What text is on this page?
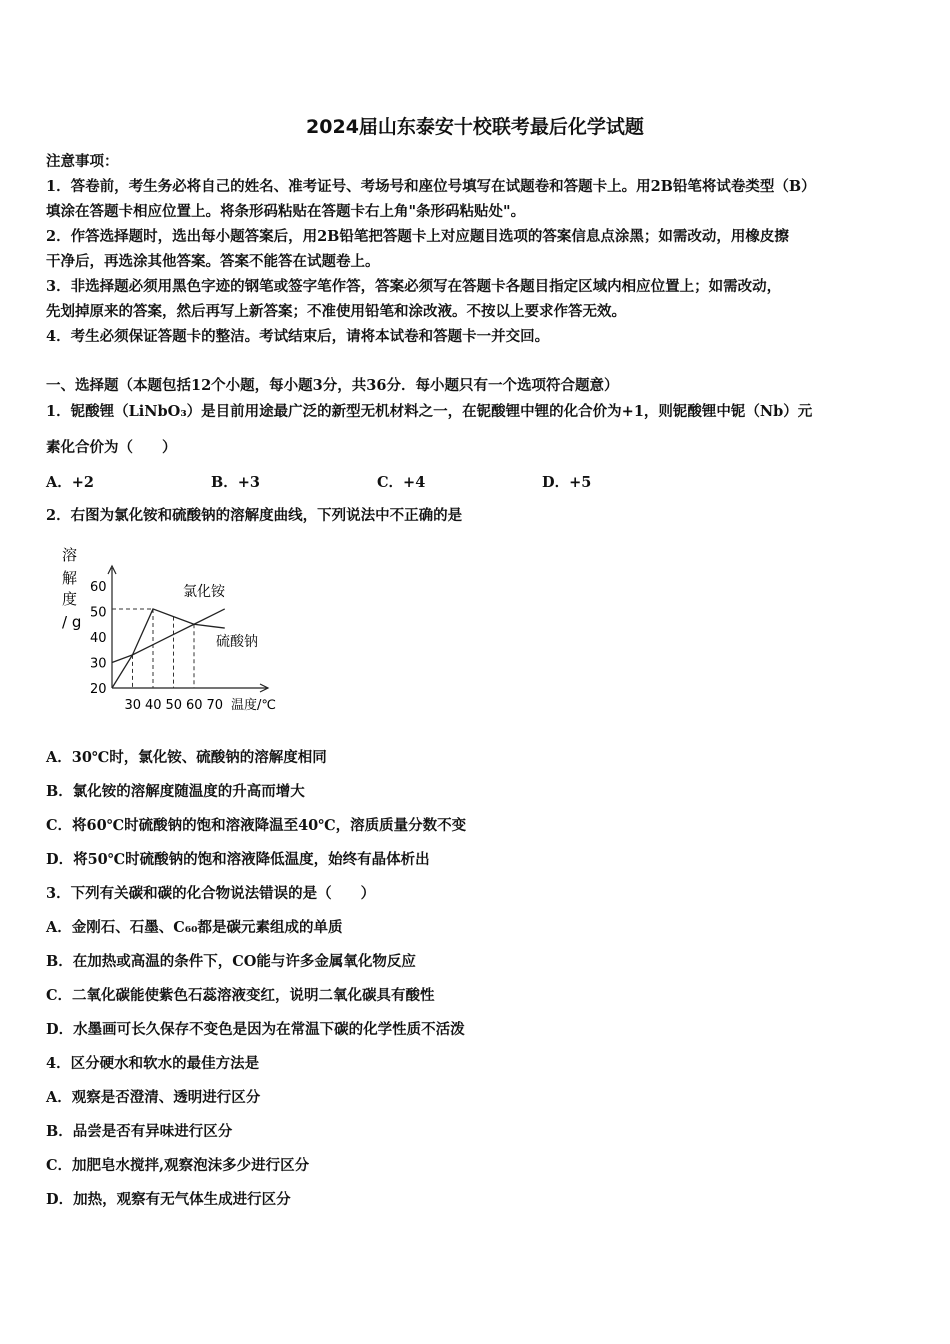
2024届山东泰安十校联考最后化学试题
注意事项：
1．答卷前，考生务必将自己的姓名、准考证号、考场号和座位号填写在试题卷和答题卡上。用2B铅笔将试卷类型（B）
填涂在答题卡相应位置上。将条形码粘贴在答题卡右上角"条形码粘贴处"。
2．作答选择题时，选出每小题答案后，用2B铅笔把答题卡上对应题目选项的答案信息点涂黑；如需改动，用橡皮擦
干净后，再选涂其他答案。答案不能答在试题卷上。
3．非选择题必须用黑色字迹的钢笔或签字笔作答，答案必须写在答题卡各题目指定区域内相应位置上；如需改动，
先划掉原来的答案，然后再写上新答案；不准使用铅笔和涂改液。不按以上要求作答无效。
4．考生必须保证答题卡的整洁。考试结束后，请将本试卷和答题卡一并交回。
一、选择题（本题包括12个小题，每小题3分，共36分．每小题只有一个选项符合题意）
1．铌酸锂（LiNbO₃）是目前用途最广泛的新型无机材料之一，在铌酸锂中锂的化合价为+1，则铌酸锂中铌（Nb）元
素化合价为（　　）
A．+2	B．+3	C．+4	D．+5
2．右图为氯化铵和硫酸钠的溶解度曲线，下列说法中不正确的是
溶
解
度
/ g
20
30
40
50
60
30 40 50 60 70
氯化铵
硫酸钠
温度/℃
A．30℃时，氯化铵、硫酸钠的溶解度相同
B．氯化铵的溶解度随温度的升高而增大
C．将60℃时硫酸钠的饱和溶液降温至40℃，溶质质量分数不变
D．将50℃时硫酸钠的饱和溶液降低温度，始终有晶体析出
3．下列有关碳和碳的化合物说法错误的是（　　）
A．金刚石、石墨、C₆₀都是碳元素组成的单质
B．在加热或高温的条件下，CO能与许多金属氧化物反应
C．二氧化碳能使紫色石蕊溶液变红，说明二氧化碳具有酸性
D．水墨画可长久保存不变色是因为在常温下碳的化学性质不活泼
4．区分硬水和软水的最佳方法是
A．观察是否澄清、透明进行区分
B．品尝是否有异味进行区分
C．加肥皂水搅拌,观察泡沫多少进行区分
D．加热，观察有无气体生成进行区分
